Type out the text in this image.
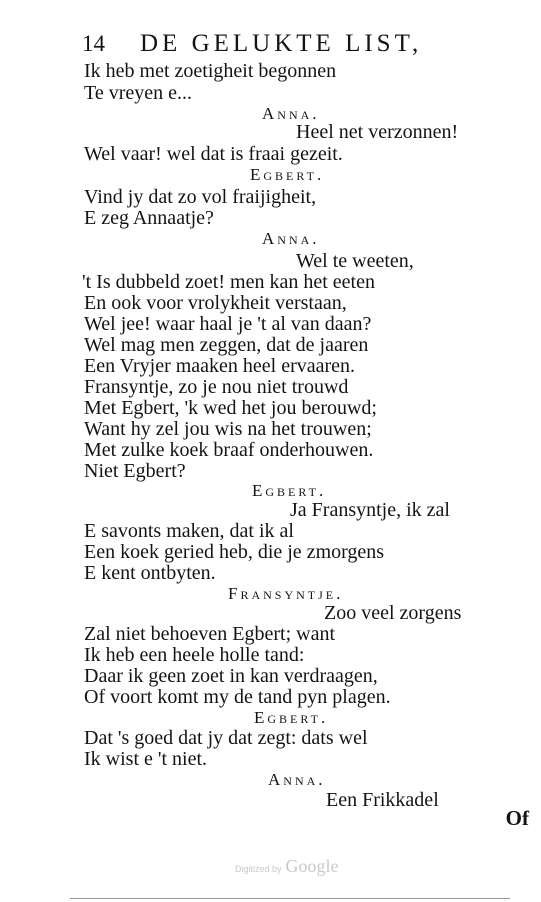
14	DE GELUKTE LIST,
Ik heb met zoetigheit begonnen
Te vreyen e...
Anna.
Heel net verzonnen!
Wel vaar! wel dat is fraai gezeit.
Egbert.
Vind jy dat zo vol fraijigheit,
E zeg Annaatje?
Anna.
Wel te weeten,
't Is dubbeld zoet! men kan het eeten
En ook voor vrolykheit verstaan,
Wel jee! waar haal je 't al van daan?
Wel mag men zeggen, dat de jaaren
Een Vryjer maaken heel ervaaren.
Fransyntje, zo je nou niet trouwd
Met Egbert, 'k wed het jou berouwd;
Want hy zel jou wis na het trouwen;
Met zulke koek braaf onderhouwen.
Niet Egbert?
Egbert.
Ja Fransyntje, ik zal
E savonts maken, dat ik al
Een koek geried heb, die je zmorgens
E kent ontbyten.
Fransyntje.
Zoo veel zorgens
Zal niet behoeven Egbert; want
Ik heb een heele holle tand:
Daar ik geen zoet in kan verdraagen,
Of voort komt my de tand pyn plagen.
Egbert.
Dat 's goed dat jy dat zegt: dats wel
Ik wist e 't niet.
Anna.
Een Frikkadel
Of
Digitized by Google
